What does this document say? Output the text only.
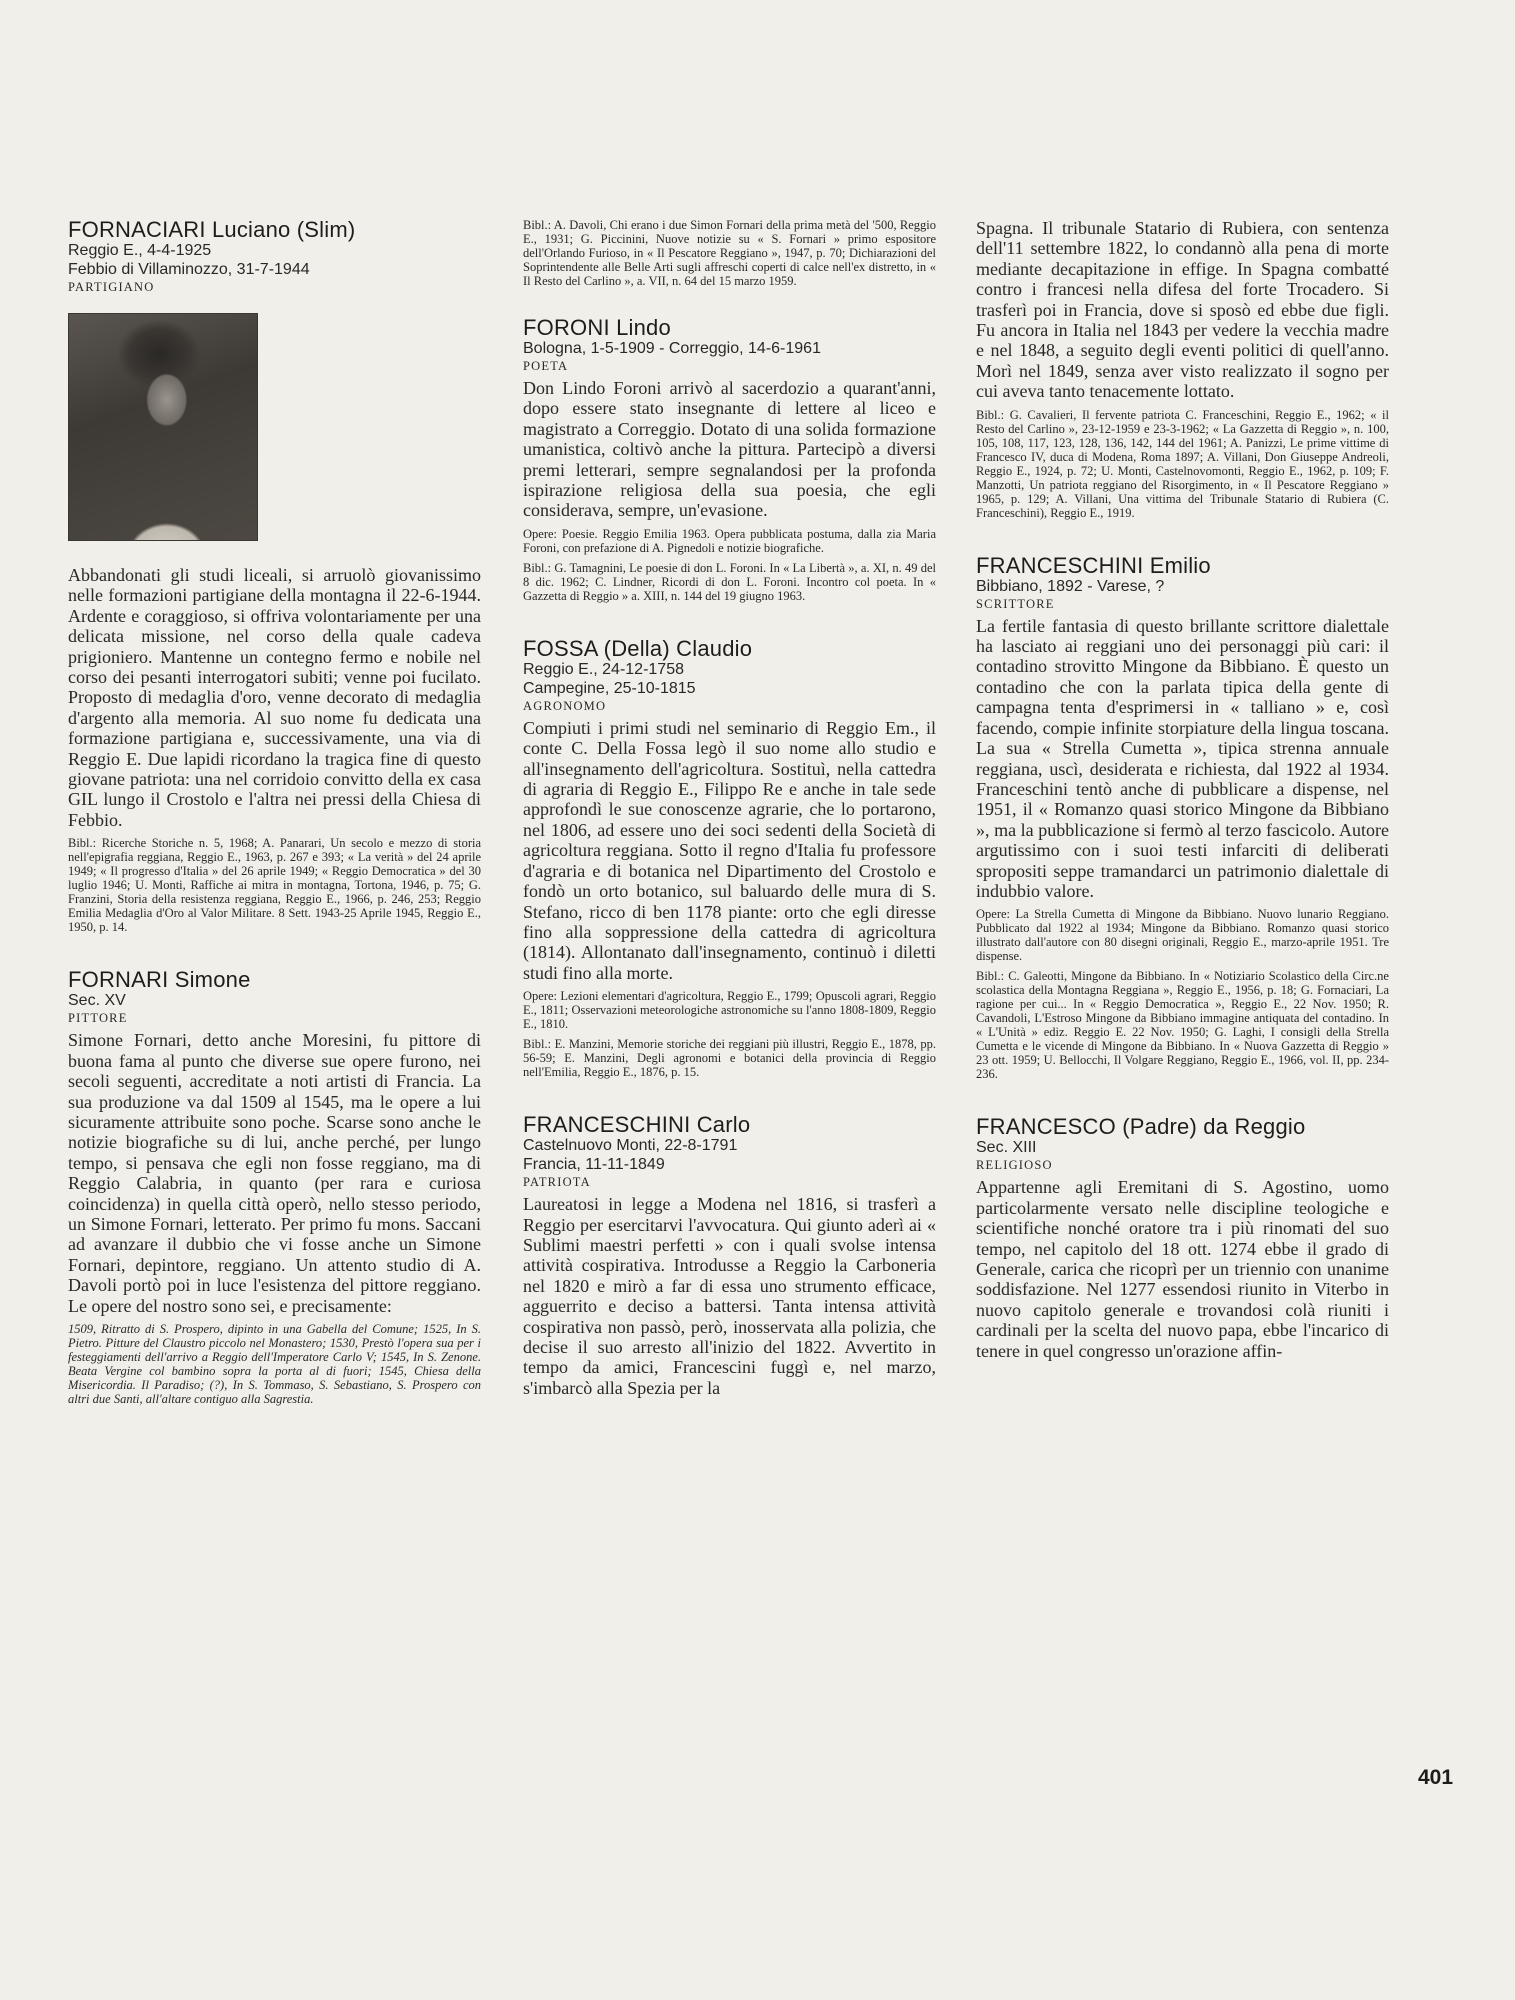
FORNACIARI Luciano (Slim)
Reggio E., 4-4-1925
Febbio di Villaminozzo, 31-7-1944
PARTIGIANO

Abbandonati gli studi liceali, si arruolò giovanissimo nelle formazioni partigiane della montagna il 22-6-1944. Ardente e coraggioso, si offriva volontariamente per una delicata missione, nel corso della quale cadeva prigioniero. Mantenne un contegno fermo e nobile nel corso dei pesanti interrogatori subiti; venne poi fucilato. Proposto di medaglia d'oro, venne decorato di medaglia d'argento alla memoria. Al suo nome fu dedicata una formazione partigiana e, successivamente, una via di Reggio E. Due lapidi ricordano la tragica fine di questo giovane patriota: una nel corridoio convitto della ex casa GIL lungo il Crostolo e l'altra nei pressi della Chiesa di Febbio.

Bibl.: Ricerche Storiche n. 5, 1968; A. Panarari, Un secolo e mezzo di storia nell'epigrafia reggiana, Reggio E., 1963, p. 267 e 393; « La verità » del 24 aprile 1949; « Il progresso d'Italia » del 26 aprile 1949; « Reggio Democratica » del 30 luglio 1946; U. Monti, Raffiche ai mitra in montagna, Tortona, 1946, p. 75; G. Franzini, Storia della resistenza reggiana, Reggio E., 1966, p. 246, 253; Reggio Emilia Medaglia d'Oro al Valor Militare. 8 Sett. 1943-25 Aprile 1945, Reggio E., 1950, p. 14.

FORNARI Simone
Sec. XV
PITTORE

Simone Fornari, detto anche Moresini, fu pittore di buona fama al punto che diverse sue opere furono, nei secoli seguenti, accreditate a noti artisti di Francia. La sua produzione va dal 1509 al 1545, ma le opere a lui sicuramente attribuite sono poche. Scarse sono anche le notizie biografiche su di lui, anche perché, per lungo tempo, si pensava che egli non fosse reggiano, ma di Reggio Calabria, in quanto (per rara e curiosa coincidenza) in quella città operò, nello stesso periodo, un Simone Fornari, letterato. Per primo fu mons. Saccani ad avanzare il dubbio che vi fosse anche un Simone Fornari, depintore, reggiano. Un attento studio di A. Davoli portò poi in luce l'esistenza del pittore reggiano. Le opere del nostro sono sei, e precisamente:

1509, Ritratto di S. Prospero, dipinto in una Gabella del Comune; 1525, In S. Pietro. Pitture del Claustro piccolo nel Monastero; 1530, Prestò l'opera sua per i festeggiamenti dell'arrivo a Reggio dell'Imperatore Carlo V; 1545, In S. Zenone. Beata Vergine col bambino sopra la porta al di fuori; 1545, Chiesa della Misericordia. Il Paradiso; (?), In S. Tommaso, S. Sebastiano, S. Prospero con altri due Santi, all'altare contiguo alla Sagrestia.

Bibl.: A. Davoli, Chi erano i due Simon Fornari della prima metà del '500, Reggio E., 1931; G. Piccinini, Nuove notizie su « S. Fornari » primo espositore dell'Orlando Furioso, in « Il Pescatore Reggiano », 1947, p. 70; Dichiarazioni del Soprintendente alle Belle Arti sugli affreschi coperti di calce nell'ex distretto, in « Il Resto del Carlino », a. VII, n. 64 del 15 marzo 1959.

FORONI Lindo
Bologna, 1-5-1909 - Correggio, 14-6-1961
POETA

Don Lindo Foroni arrivò al sacerdozio a quarant'anni, dopo essere stato insegnante di lettere al liceo e magistrato a Correggio. Dotato di una solida formazione umanistica, coltivò anche la pittura. Partecipò a diversi premi letterari, sempre segnalandosi per la profonda ispirazione religiosa della sua poesia, che egli considerava, sempre, un'evasione.

Opere: Poesie. Reggio Emilia 1963. Opera pubblicata postuma, dalla zia Maria Foroni, con prefazione di A. Pignedoli e notizie biografiche.

Bibl.: G. Tamagnini, Le poesie di don L. Foroni. In « La Libertà », a. XI, n. 49 del 8 dic. 1962; C. Lindner, Ricordi di don L. Foroni. Incontro col poeta. In « Gazzetta di Reggio » a. XIII, n. 144 del 19 giugno 1963.

FOSSA (Della) Claudio
Reggio E., 24-12-1758
Campegine, 25-10-1815
AGRONOMO

Compiuti i primi studi nel seminario di Reggio Em., il conte C. Della Fossa legò il suo nome allo studio e all'insegnamento dell'agricoltura. Sostituì, nella cattedra di agraria di Reggio E., Filippo Re e anche in tale sede approfondì le sue conoscenze agrarie, che lo portarono, nel 1806, ad essere uno dei soci sedenti della Società di agricoltura reggiana. Sotto il regno d'Italia fu professore d'agraria e di botanica nel Dipartimento del Crostolo e fondò un orto botanico, sul baluardo delle mura di S. Stefano, ricco di ben 1178 piante: orto che egli diresse fino alla soppressione della cattedra di agricoltura (1814). Allontanato dall'insegnamento, continuò i diletti studi fino alla morte.

Opere: Lezioni elementari d'agricoltura, Reggio E., 1799; Opuscoli agrari, Reggio E., 1811; Osservazioni meteorologiche astronomiche su l'anno 1808-1809, Reggio E., 1810.

Bibl.: E. Manzini, Memorie storiche dei reggiani più illustri, Reggio E., 1878, pp. 56-59; E. Manzini, Degli agronomi e botanici della provincia di Reggio nell'Emilia, Reggio E., 1876, p. 15.

FRANCESCHINI Carlo
Castelnuovo Monti, 22-8-1791
Francia, 11-11-1849
PATRIOTA

Laureatosi in legge a Modena nel 1816, si trasferì a Reggio per esercitarvi l'avvocatura. Qui giunto aderì ai « Sublimi maestri perfetti » con i quali svolse intensa attività cospirativa. Introdusse a Reggio la Carboneria nel 1820 e mirò a far di essa uno strumento efficace, agguerrito e deciso a battersi. Tanta intensa attività cospirativa non passò, però, inosservata alla polizia, che decise il suo arresto all'inizio del 1822. Avvertito in tempo da amici, Francescini fuggì e, nel marzo, s'imbarcò alla Spezia per la

Spagna. Il tribunale Statario di Rubiera, con sentenza dell'11 settembre 1822, lo condannò alla pena di morte mediante decapitazione in effige. In Spagna combatté contro i francesi nella difesa del forte Trocadero. Si trasferì poi in Francia, dove si sposò ed ebbe due figli. Fu ancora in Italia nel 1843 per vedere la vecchia madre e nel 1848, a seguito degli eventi politici di quell'anno. Morì nel 1849, senza aver visto realizzato il sogno per cui aveva tanto tenacemente lottato.

Bibl.: G. Cavalieri, Il fervente patriota C. Franceschini, Reggio E., 1962; « il Resto del Carlino », 23-12-1959 e 23-3-1962; « La Gazzetta di Reggio », n. 100, 105, 108, 117, 123, 128, 136, 142, 144 del 1961; A. Panizzi, Le prime vittime di Francesco IV, duca di Modena, Roma 1897; A. Villani, Don Giuseppe Andreoli, Reggio E., 1924, p. 72; U. Monti, Castelnovomonti, Reggio E., 1962, p. 109; F. Manzotti, Un patriota reggiano del Risorgimento, in « Il Pescatore Reggiano » 1965, p. 129; A. Villani, Una vittima del Tribunale Statario di Rubiera (C. Franceschini), Reggio E., 1919.

FRANCESCHINI Emilio
Bibbiano, 1892 - Varese, ?
SCRITTORE

La fertile fantasia di questo brillante scrittore dialettale ha lasciato ai reggiani uno dei personaggi più cari: il contadino strovitto Mingone da Bibbiano. È questo un contadino che con la parlata tipica della gente di campagna tenta d'esprimersi in « talliano » e, così facendo, compie infinite storpiature della lingua toscana. La sua « Strella Cumetta », tipica strenna annuale reggiana, uscì, desiderata e richiesta, dal 1922 al 1934. Franceschini tentò anche di pubblicare a dispense, nel 1951, il « Romanzo quasi storico Mingone da Bibbiano », ma la pubblicazione si fermò al terzo fascicolo. Autore argutissimo con i suoi testi infarciti di deliberati spropositi seppe tramandarci un patrimonio dialettale di indubbio valore.

Opere: La Strella Cumetta di Mingone da Bibbiano. Nuovo lunario Reggiano. Pubblicato dal 1922 al 1934; Mingone da Bibbiano. Romanzo quasi storico illustrato dall'autore con 80 disegni originali, Reggio E., marzo-aprile 1951. Tre dispense.

Bibl.: C. Galeotti, Mingone da Bibbiano. In « Notiziario Scolastico della Circ.ne scolastica della Montagna Reggiana », Reggio E., 1956, p. 18; G. Fornaciari, La ragione per cui... In « Reggio Democratica », Reggio E., 22 Nov. 1950; R. Cavandoli, L'Estroso Mingone da Bibbiano immagine antiquata del contadino. In « L'Unità » ediz. Reggio E. 22 Nov. 1950; G. Laghi, I consigli della Strella Cumetta e le vicende di Mingone da Bibbiano. In « Nuova Gazzetta di Reggio » 23 ott. 1959; U. Bellocchi, Il Volgare Reggiano, Reggio E., 1966, vol. II, pp. 234-236.

FRANCESCO (Padre) da Reggio
Sec. XIII
RELIGIOSO

Appartenne agli Eremitani di S. Agostino, uomo particolarmente versato nelle discipline teologiche e scientifiche nonché oratore tra i più rinomati del suo tempo, nel capitolo del 18 ott. 1274 ebbe il grado di Generale, carica che ricoprì per un triennio con unanime soddisfazione. Nel 1277 essendosi riunito in Viterbo in nuovo capitolo generale e trovandosi colà riuniti i cardinali per la scelta del nuovo papa, ebbe l'incarico di tenere in quel congresso un'orazione affin-

401
